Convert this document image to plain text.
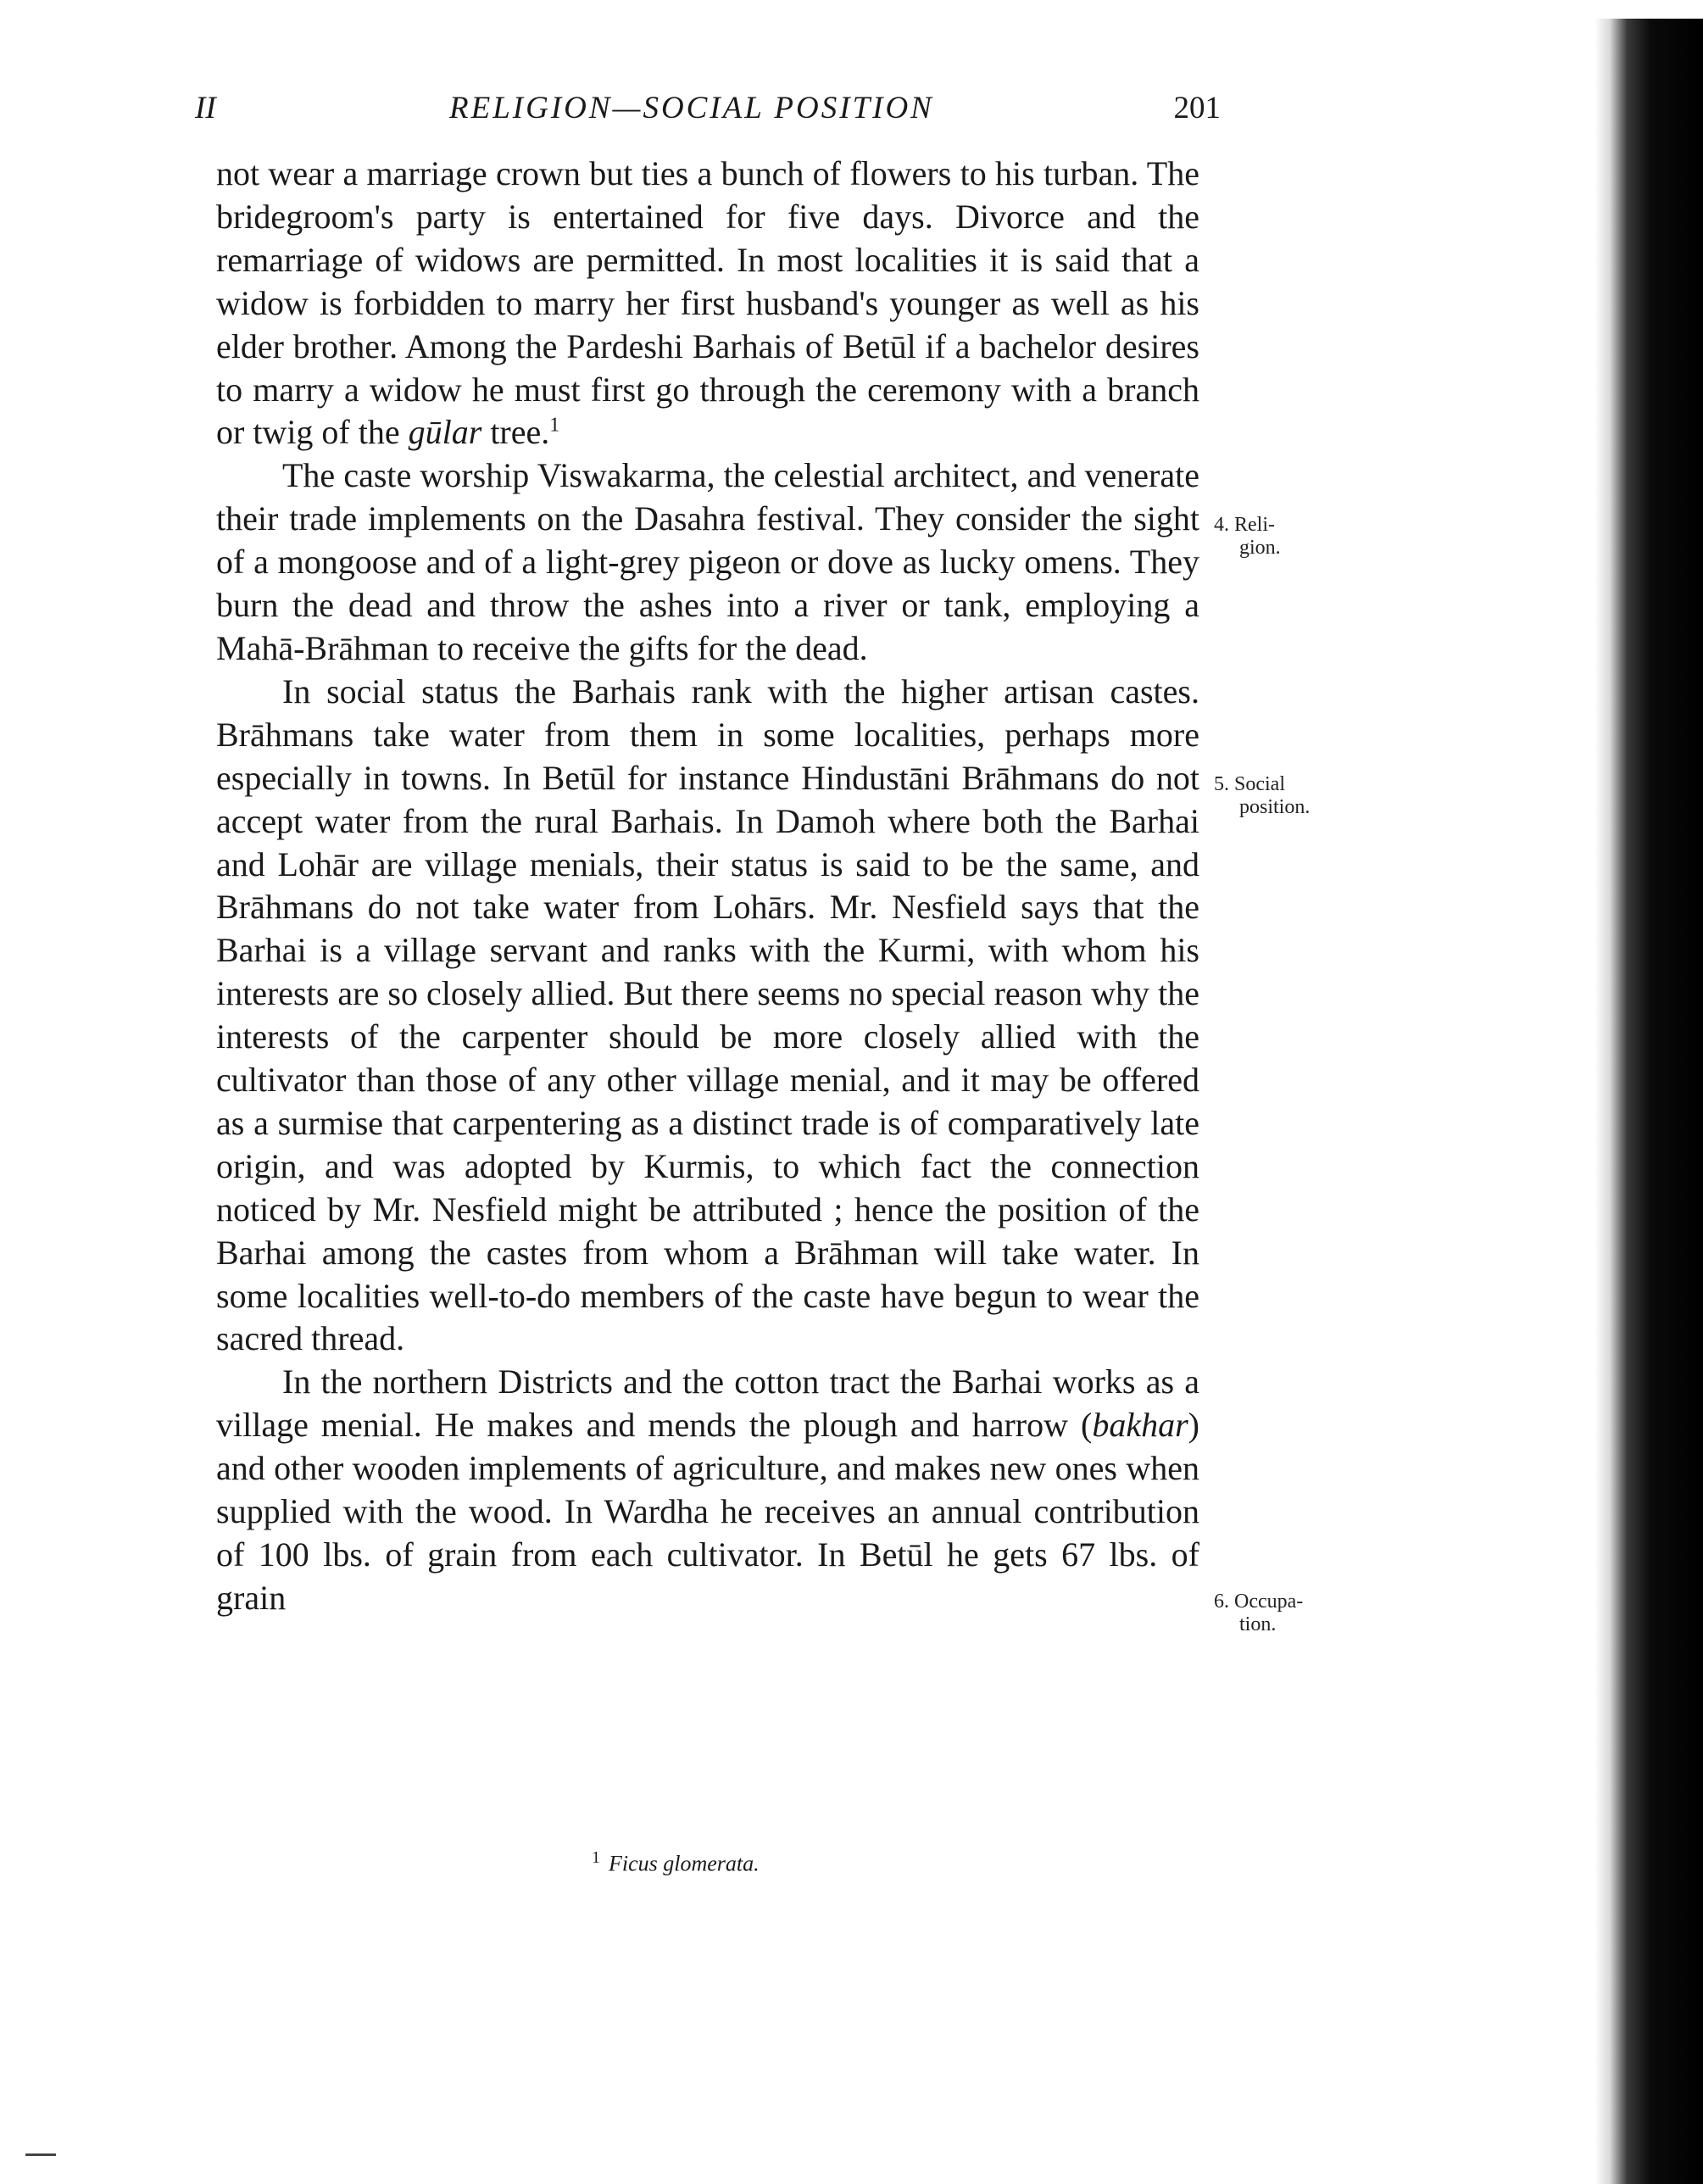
II	RELIGION—SOCIAL POSITION	201

not wear a marriage crown but ties a bunch of flowers to his turban. The bridegroom's party is entertained for five days. Divorce and the remarriage of widows are permitted. In most localities it is said that a widow is forbidden to marry her first husband's younger as well as his elder brother. Among the Pardeshi Barhais of Betūl if a bachelor desires to marry a widow he must first go through the ceremony with a branch or twig of the gūlar tree.$^1$

The caste worship Viswakarma, the celestial architect, and venerate their trade implements on the Dasahra festival. They consider the sight of a mongoose and of a light-grey pigeon or dove as lucky omens. They burn the dead and throw the ashes into a river or tank, employing a Mahā-Brāhman to receive the gifts for the dead.

In social status the Barhais rank with the higher artisan castes. Brāhmans take water from them in some localities, perhaps more especially in towns. In Betūl for instance Hindustāni Brāhmans do not accept water from the rural Barhais. In Damoh where both the Barhai and Lohār are village menials, their status is said to be the same, and Brāhmans do not take water from Lohārs. Mr. Nesfield says that the Barhai is a village servant and ranks with the Kurmi, with whom his interests are so closely allied. But there seems no special reason why the interests of the carpenter should be more closely allied with the cultivator than those of any other village menial, and it may be offered as a surmise that carpentering as a distinct trade is of comparatively late origin, and was adopted by Kurmis, to which fact the connection noticed by Mr. Nesfield might be attributed ; hence the position of the Barhai among the castes from whom a Brāhman will take water. In some localities well-to-do members of the caste have begun to wear the sacred thread.

In the northern Districts and the cotton tract the Barhai works as a village menial. He makes and mends the plough and harrow (bakhar) and other wooden implements of agriculture, and makes new ones when supplied with the wood. In Wardha he receives an annual contribution of 100 lbs. of grain from each cultivator. In Betūl he gets 67 lbs. of grain

4. Reli-
gion.
5. Social
position.
6. Occupa-
tion.
$^1$ Ficus glomerata.
